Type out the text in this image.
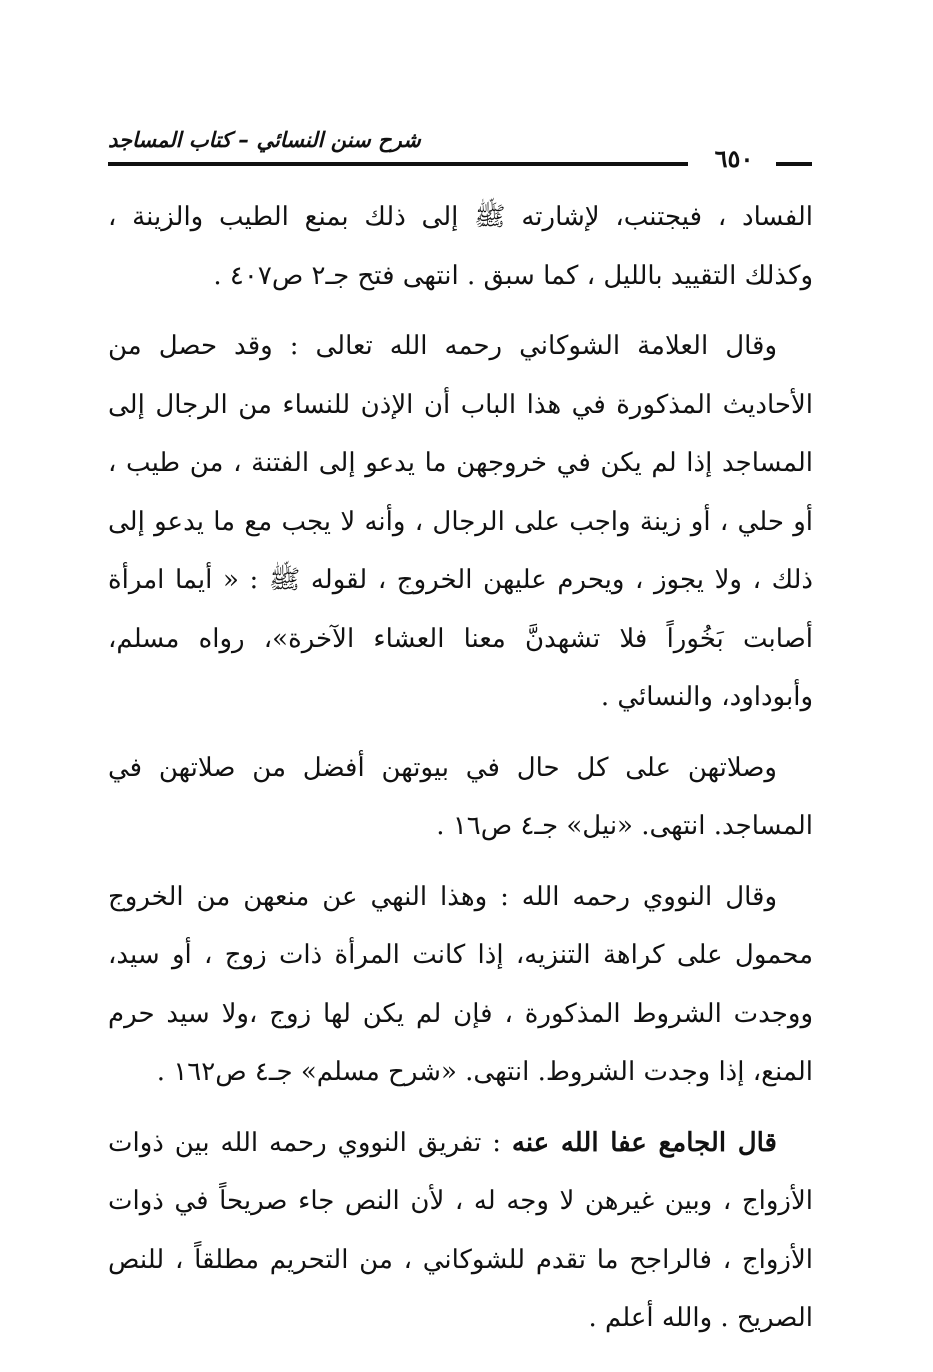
شرح سنن النسائي – كتاب المساجد
٦٥٠

الفساد ، فيجتنب، لإشارته ﷺ إلى ذلك بمنع الطيب والزينة ، وكذلك التقييد بالليل ، كما سبق . انتهى فتح جـ٢ ص٤٠٧ .

وقال العلامة الشوكاني رحمه الله تعالى : وقد حصل من الأحاديث المذكورة في هذا الباب أن الإذن للنساء من الرجال إلى المساجد إذا لم يكن في خروجهن ما يدعو إلى الفتنة ، من طيب ، أو حلي ، أو زينة واجب على الرجال ، وأنه لا يجب مع ما يدعو إلى ذلك ، ولا يجوز ، ويحرم عليهن الخروج ، لقوله ﷺ : « أيما امرأة أصابت بَخُوراً فلا تشهدنَّ معنا العشاء الآخرة»، رواه مسلم، وأبوداود، والنسائي .

وصلاتهن على كل حال في بيوتهن أفضل من صلاتهن في المساجد. انتهى. «نيل» جـ٤ ص١٦ .

وقال النووي رحمه الله : وهذا النهي عن منعهن من الخروج محمول على كراهة التنزيه، إذا كانت المرأة ذات زوج ، أو سيد، ووجدت الشروط المذكورة ، فإن لم يكن لها زوج ،ولا سيد حرم المنع، إذا وجدت الشروط. انتهى. «شرح مسلم» جـ٤ ص١٦٢ .

قال الجامع عفا الله عنه : تفريق النووي رحمه الله بين ذوات الأزواج ، وبين غيرهن لا وجه له ، لأن النص جاء صريحاً في ذوات الأزواج ، فالراجح ما تقدم للشوكاني ، من التحريم مطلقاً ، للنص الصريح . والله أعلم .
